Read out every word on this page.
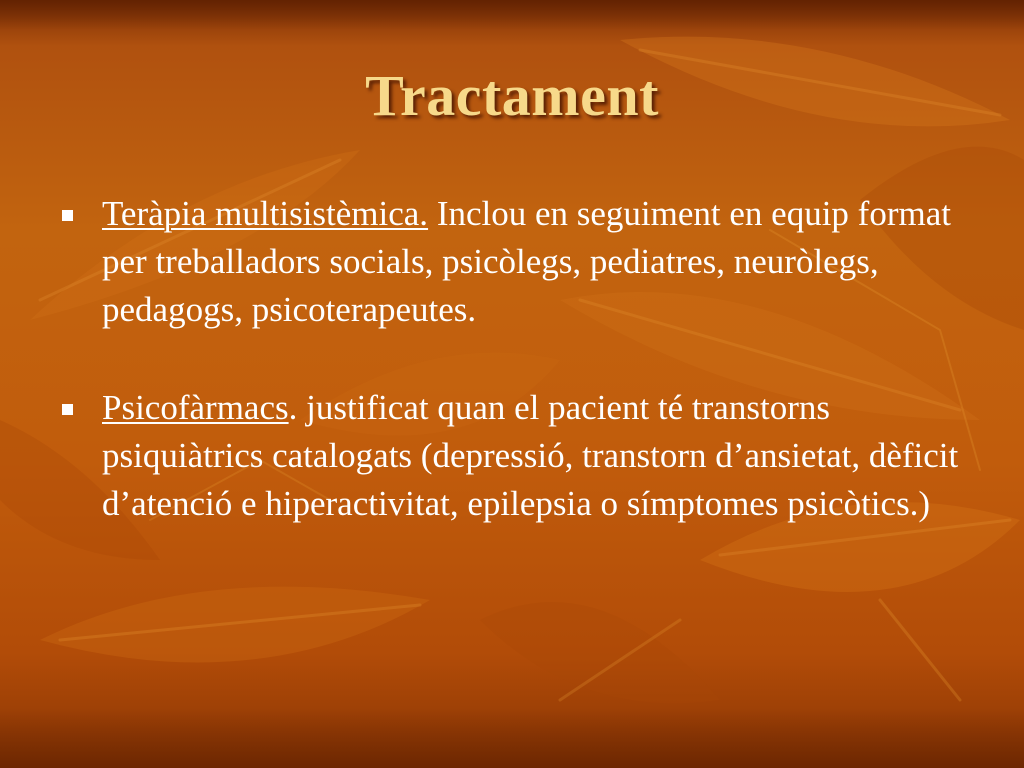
Tractament
Teràpia multisistèmica. Inclou en seguiment en equip format per treballadors socials, psicòlegs, pediatres, neuròlegs, pedagogs, psicoterapeutes.
Psicofàrmacs. justificat quan el pacient té transtorns psiquiàtrics catalogats (depressió, transtorn d’ansietat, dèficit d’atenció e hiperactivitat, epilepsia o símptomes psicòtics.)
